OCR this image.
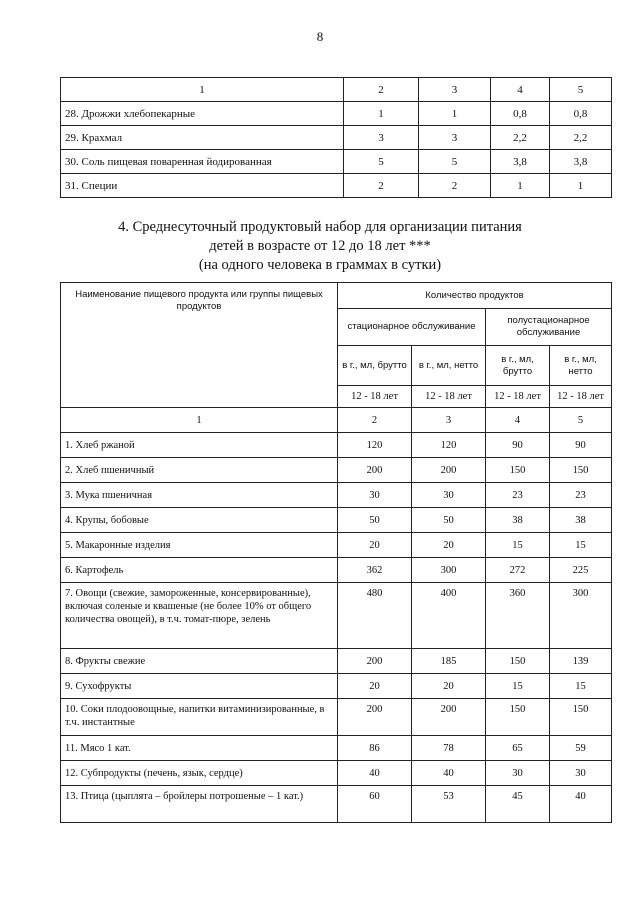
8
1	2	3	4	5
28. Дрожжи хлебопекарные	1	1	0,8	0,8
29. Крахмал	3	3	2,2	2,2
30. Соль пищевая поваренная йодированная	5	5	3,8	3,8
31. Специи	2	2	1	1
4. Среднесуточный продуктовый набор для организации питания
детей в возрасте от 12 до 18 лет ***
(на одного человека в граммах в сутки)
Наименование пищевого продукта или группы пищевых продуктов	Количество продуктов			
	стационарное обслуживание		полустационарное обслуживание	
	в г., мл, брутто	в г., мл, нетто	в г., мл, брутто	в г., мл, нетто
	12 - 18 лет	12 - 18 лет	12 - 18 лет	12 - 18 лет
1	2	3	4	5
1. Хлеб ржаной	120	120	90	90
2. Хлеб пшеничный	200	200	150	150
3. Мука пшеничная	30	30	23	23
4. Крупы, бобовые	50	50	38	38
5. Макаронные изделия	20	20	15	15
6. Картофель	362	300	272	225
7. Овощи (свежие, замороженные, консервированные), включая соленые и квашеные (не более 10% от общего количества овощей), в т.ч. томат-пюре, зелень	480	400	360	300
8. Фрукты свежие	200	185	150	139
9. Сухофрукты	20	20	15	15
10. Соки плодоовощные, напитки витаминизированные, в т.ч. инстантные	200	200	150	150
11. Мясо 1 кат.	86	78	65	59
12. Субпродукты (печень, язык, сердце)	40	40	30	30
13. Птица (цыплята – бройлеры потрошеные – 1 кат.)	60	53	45	40
